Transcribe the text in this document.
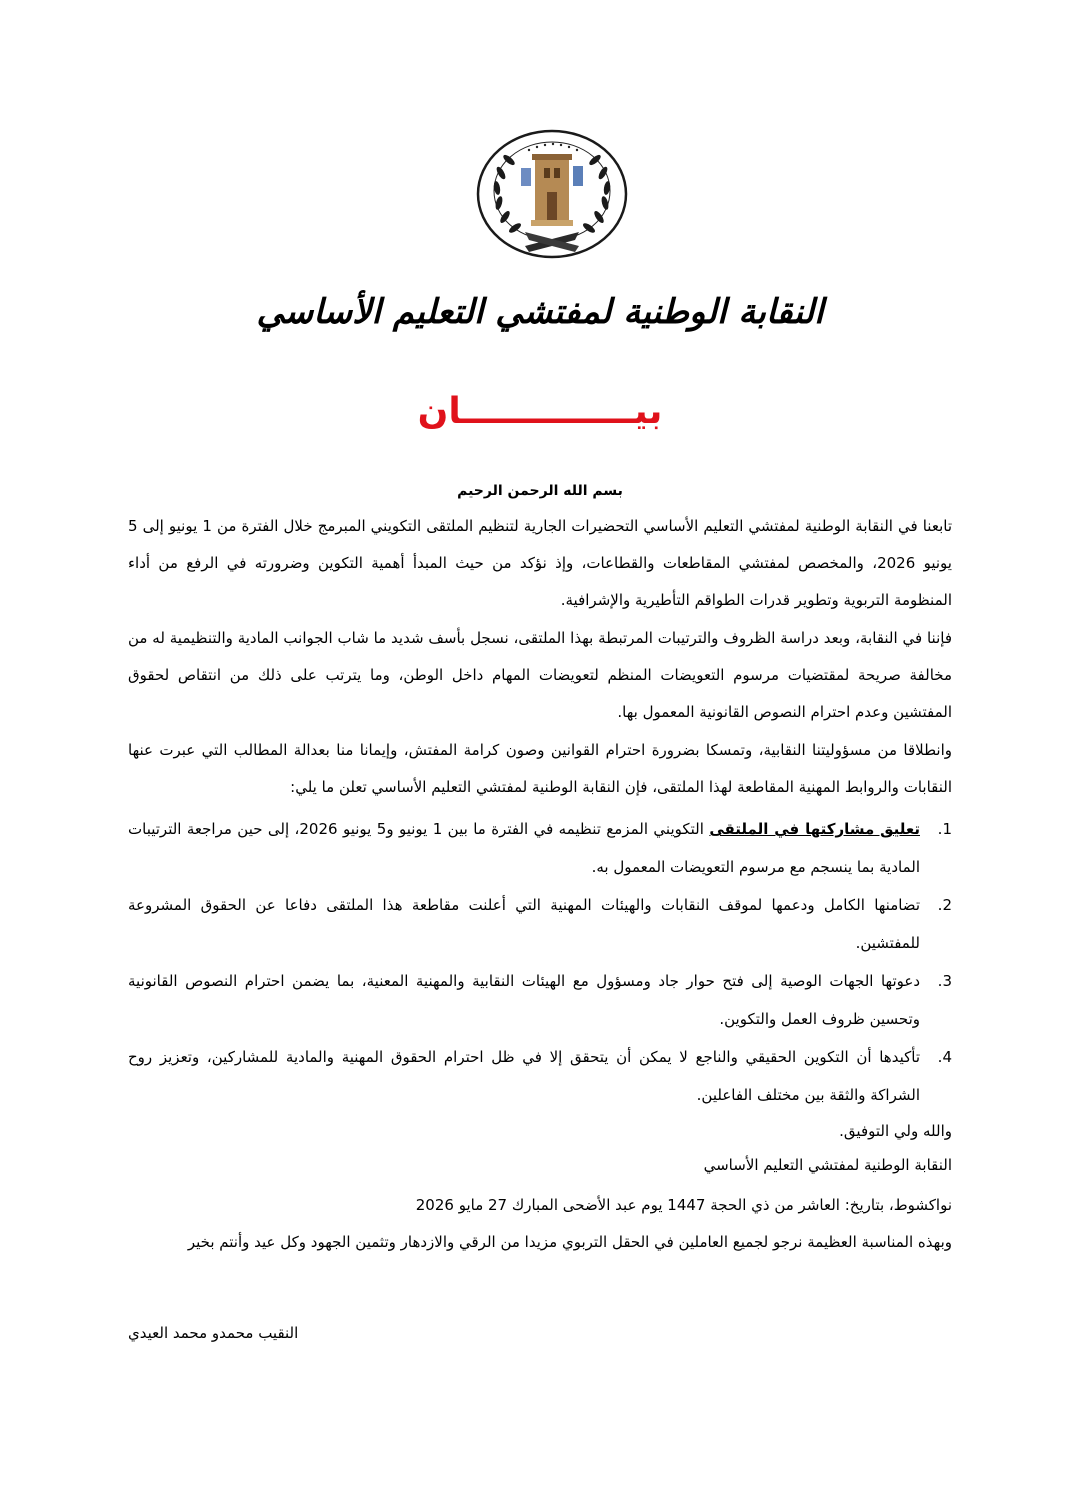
النقابة الوطنية لمفتشي التعليم الأساسي
بيــــــــــــــان
بسم الله الرحمن الرحيم

تابعنا في النقابة الوطنية لمفتشي التعليم الأساسي التحضيرات الجارية لتنظيم الملتقى التكويني المبرمج خلال الفترة من 1 يونيو إلى 5 يونيو 2026، والمخصص لمفتشي المقاطعات والقطاعات، وإذ نؤكد من حيث المبدأ أهمية التكوين وضرورته في الرفع من أداء المنظومة التربوية وتطوير قدرات الطواقم التأطيرية والإشرافية.

فإننا في النقابة، وبعد دراسة الظروف والترتيبات المرتبطة بهذا الملتقى، نسجل بأسف شديد ما شاب الجوانب المادية والتنظيمية له من مخالفة صريحة لمقتضيات مرسوم التعويضات المنظم لتعويضات المهام داخل الوطن، وما يترتب على ذلك من انتقاص لحقوق المفتشين وعدم احترام النصوص القانونية المعمول بها.

وانطلاقا من مسؤوليتنا النقابية، وتمسكا بضرورة احترام القوانين وصون كرامة المفتش، وإيمانا منا بعدالة المطالب التي عبرت عنها النقابات والروابط المهنية المقاطعة لهذا الملتقى، فإن النقابة الوطنية لمفتشي التعليم الأساسي تعلن ما يلي:

1.
تعليق مشاركتها في الملتقى التكويني المزمع تنظيمه في الفترة ما بين 1 يونيو و5 يونيو 2026، إلى حين مراجعة الترتيبات المادية بما ينسجم مع مرسوم التعويضات المعمول به.
2.
تضامنها الكامل ودعمها لموقف النقابات والهيئات المهنية التي أعلنت مقاطعة هذا الملتقى دفاعا عن الحقوق المشروعة للمفتشين.
3.
دعوتها الجهات الوصية إلى فتح حوار جاد ومسؤول مع الهيئات النقابية والمهنية المعنية، بما يضمن احترام النصوص القانونية وتحسين ظروف العمل والتكوين.
4.
تأكيدها أن التكوين الحقيقي والناجع لا يمكن أن يتحقق إلا في ظل احترام الحقوق المهنية والمادية للمشاركين، وتعزيز روح الشراكة والثقة بين مختلف الفاعلين.
والله ولي التوفيق.
النقابة الوطنية لمفتشي التعليم الأساسي
نواكشوط، بتاريخ: العاشر من ذي الحجة 1447 يوم عبد الأضحى المبارك 27 مايو 2026

وبهذه المناسبة العظيمة نرجو لجميع العاملين في الحقل التربوي مزيدا من الرقي والازدهار وتثمين الجهود وكل عيد وأنتم بخير

النقيب محمدو محمد العيدي
